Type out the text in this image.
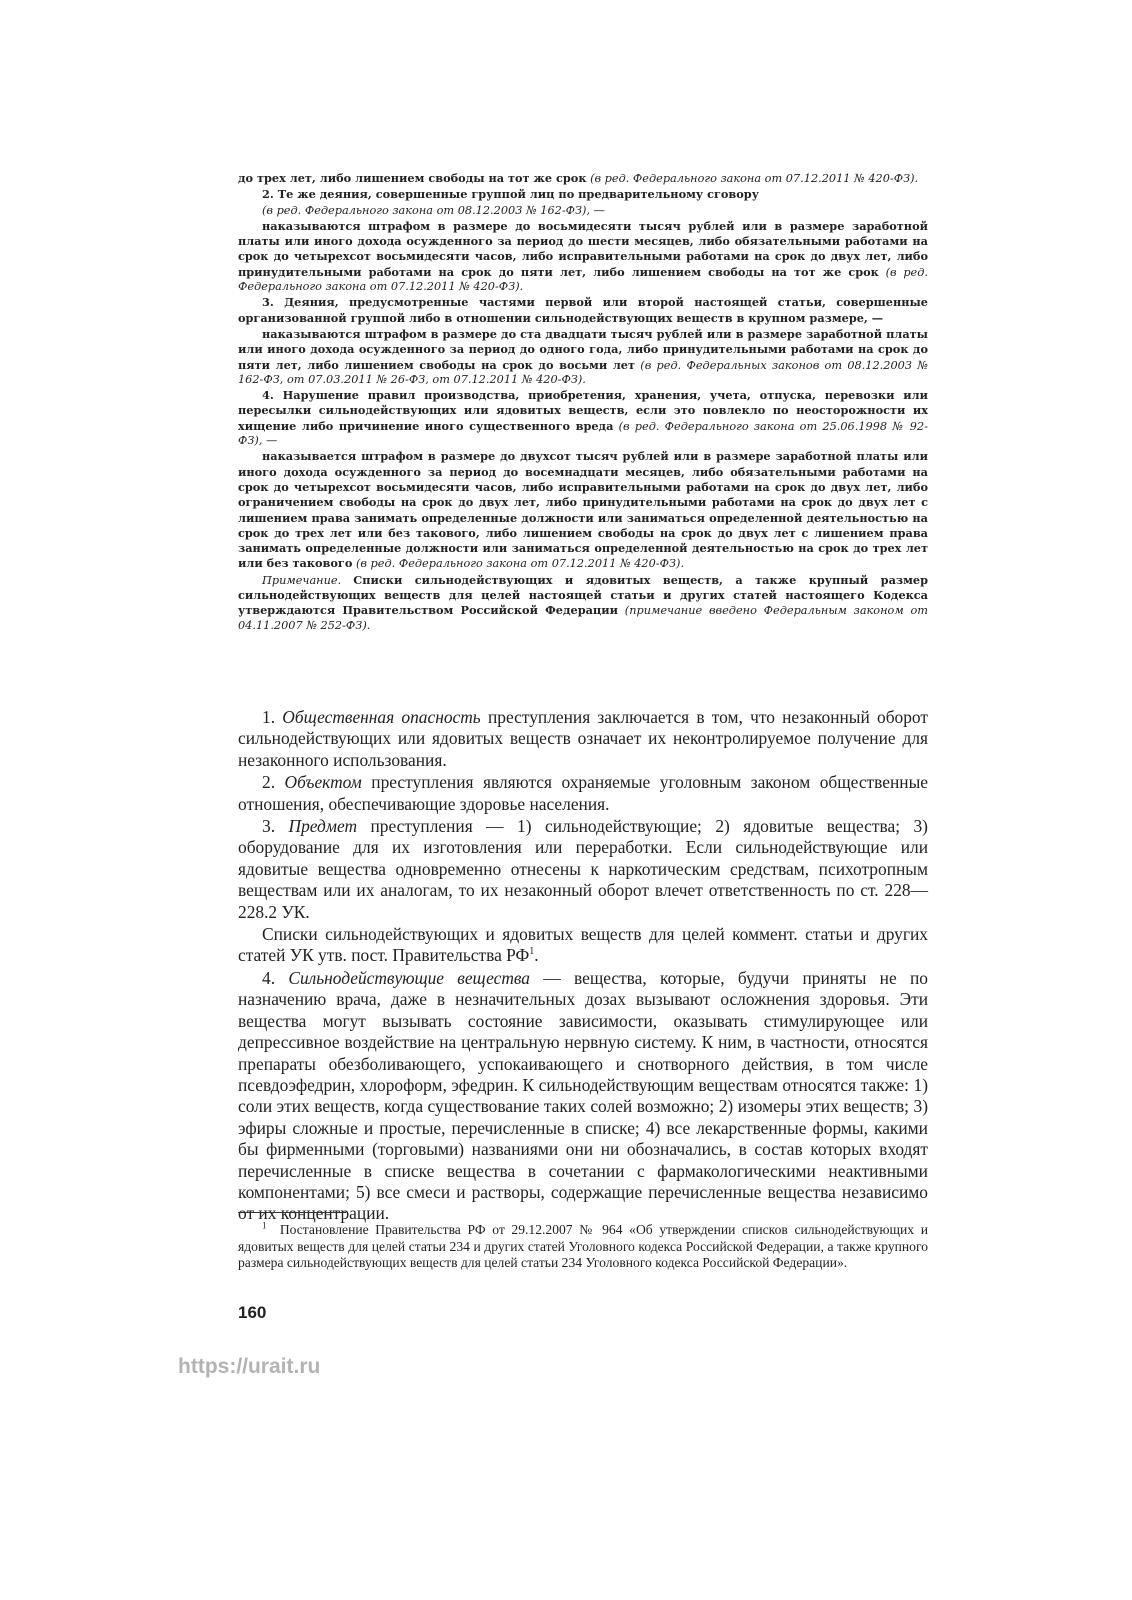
до трех лет, либо лишением свободы на тот же срок (в ред. Федерального закона от 07.12.2011 № 420-ФЗ).

2. Те же деяния, совершенные группой лиц по предварительному сговору

(в ред. Федерального закона от 08.12.2003 № 162-ФЗ), —

наказываются штрафом в размере до восьмидесяти тысяч рублей или в размере заработной платы или иного дохода осужденного за период до шести месяцев, либо обязательными работами на срок до четырехсот восьмидесяти часов, либо исправительными работами на срок до двух лет, либо принудительными работами на срок до пяти лет, либо лишением свободы на тот же срок (в ред. Федерального закона от 07.12.2011 № 420-ФЗ).

3. Деяния, предусмотренные частями первой или второй настоящей статьи, совершенные организованной группой либо в отношении сильнодействующих веществ в крупном размере, —

наказываются штрафом в размере до ста двадцати тысяч рублей или в размере заработной платы или иного дохода осужденного за период до одного года, либо принудительными работами на срок до пяти лет, либо лишением свободы на срок до восьми лет (в ред. Федеральных законов от 08.12.2003 № 162-ФЗ, от 07.03.2011 № 26-ФЗ, от 07.12.2011 № 420-ФЗ).

4. Нарушение правил производства, приобретения, хранения, учета, отпуска, перевозки или пересылки сильнодействующих или ядовитых веществ, если это повлекло по неосторожности их хищение либо причинение иного существенного вреда (в ред. Федерального закона от 25.06.1998 № 92-ФЗ), —

наказывается штрафом в размере до двухсот тысяч рублей или в размере заработной платы или иного дохода осужденного за период до восемнадцати месяцев, либо обязательными работами на срок до четырехсот восьмидесяти часов, либо исправительными работами на срок до двух лет, либо ограничением свободы на срок до двух лет, либо принудительными работами на срок до двух лет с лишением права занимать определенные должности или заниматься определенной деятельностью на срок до трех лет или без такового, либо лишением свободы на срок до двух лет с лишением права занимать определенные должности или заниматься определенной деятельностью на срок до трех лет или без такового (в ред. Федерального закона от 07.12.2011 № 420-ФЗ).

Примечание. Списки сильнодействующих и ядовитых веществ, а также крупный размер сильнодействующих веществ для целей настоящей статьи и других статей настоящего Кодекса утверждаются Правительством Российской Федерации (примечание введено Федеральным законом от 04.11.2007 № 252-ФЗ).

1. Общественная опасность преступления заключается в том, что незаконный оборот сильнодействующих или ядовитых веществ означает их неконтролируемое получение для незаконного использования.

2. Объектом преступления являются охраняемые уголовным законом общественные отношения, обеспечивающие здоровье населения.

3. Предмет преступления — 1) сильнодействующие; 2) ядовитые вещества; 3) оборудование для их изготовления или переработки. Если сильнодействующие или ядовитые вещества одновременно отнесены к наркотическим средствам, психотропным веществам или их аналогам, то их незаконный оборот влечет ответственность по ст. 228—228.2 УК.

Списки сильнодействующих и ядовитых веществ для целей коммент. статьи и других статей УК утв. пост. Правительства $РФ^1$.

4. Сильнодействующие вещества — вещества, которые, будучи приняты не по назначению врача, даже в незначительных дозах вызывают осложнения здоровья. Эти вещества могут вызывать состояние зависимости, оказывать стимулирующее или депрессивное воздействие на центральную нервную систему. К ним, в частности, относятся препараты обезболивающего, успокаивающего и снотворного действия, в том числе псевдоэфедрин, хлороформ, эфедрин. К сильнодействующим веществам относятся также: 1) соли этих веществ, когда существование таких солей возможно; 2) изомеры этих веществ; 3) эфиры сложные и простые, перечисленные в списке; 4) все лекарственные формы, какими бы фирменными (торговыми) названиями они ни обозначались, в состав которых входят перечисленные в списке вещества в сочетании с фармакологическими неактивными компонентами; 5) все смеси и растворы, содержащие перечисленные вещества независимо от их концентрации.

$^1$ Постановление Правительства РФ от 29.12.2007 № 964 «Об утверждении списков сильнодействующих и ядовитых веществ для целей статьи 234 и других статей Уголовного кодекса Российской Федерации, а также крупного размера сильнодействующих веществ для целей статьи 234 Уголовного кодекса Российской Федерации».

160
https://urait.ru
